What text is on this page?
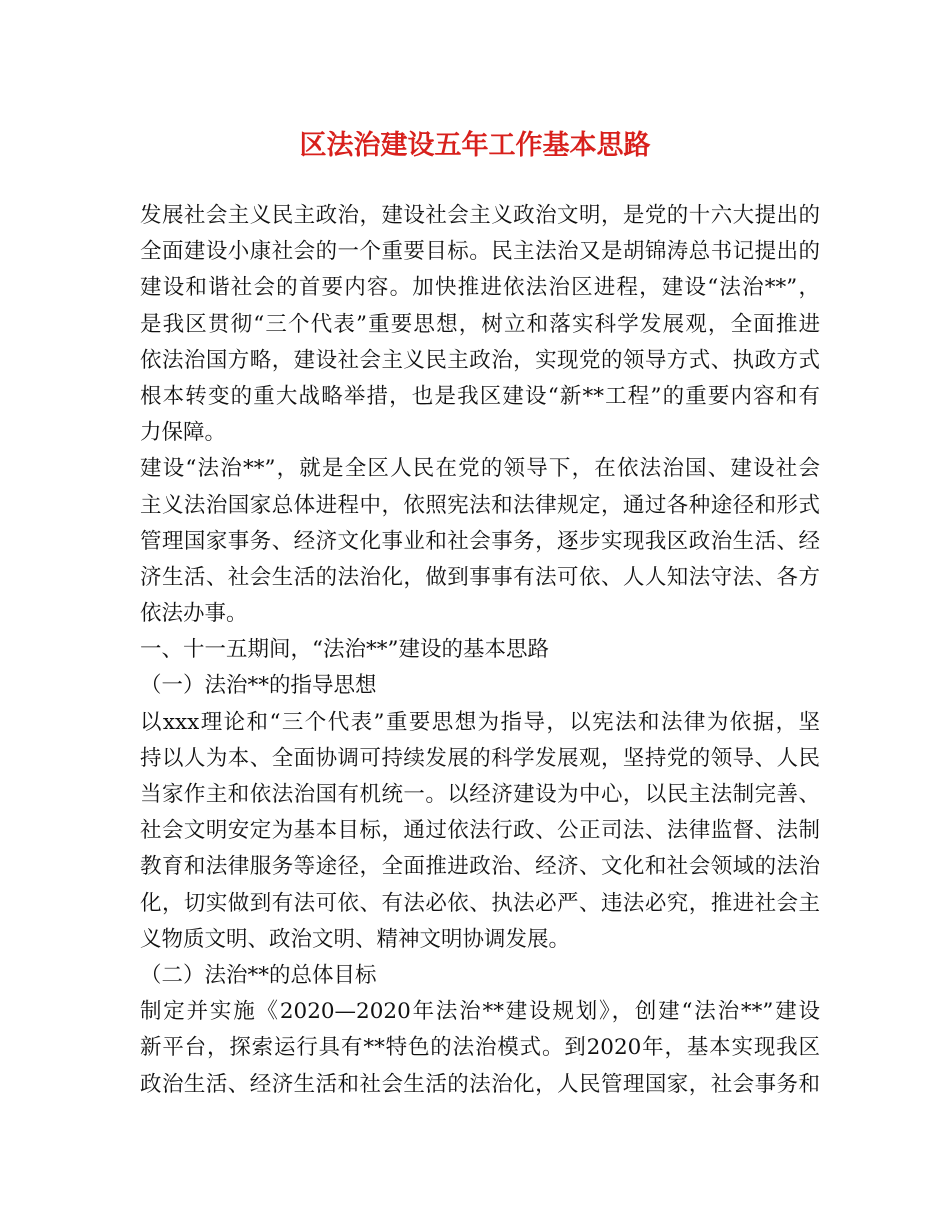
区法治建设五年工作基本思路
发展社会主义民主政治，建设社会主义政治文明，是党的十六大提出的
全面建设小康社会的一个重要目标。民主法治又是胡锦涛总书记提出的
建设和谐社会的首要内容。加快推进依法治区进程，建设“法治**”，
是我区贯彻“三个代表”重要思想，树立和落实科学发展观，全面推进
依法治国方略，建设社会主义民主政治，实现党的领导方式、执政方式
根本转变的重大战略举措，也是我区建设“新**工程”的重要内容和有
力保障。
建设“法治**”，就是全区人民在党的领导下，在依法治国、建设社会
主义法治国家总体进程中，依照宪法和法律规定，通过各种途径和形式
管理国家事务、经济文化事业和社会事务，逐步实现我区政治生活、经
济生活、社会生活的法治化，做到事事有法可依、人人知法守法、各方
依法办事。
一、十一五期间，“法治**”建设的基本思路
（一）法治**的指导思想
以xxx理论和“三个代表”重要思想为指导，以宪法和法律为依据，坚
持以人为本、全面协调可持续发展的科学发展观，坚持党的领导、人民
当家作主和依法治国有机统一。以经济建设为中心，以民主法制完善、
社会文明安定为基本目标，通过依法行政、公正司法、法律监督、法制
教育和法律服务等途径，全面推进政治、经济、文化和社会领域的法治
化，切实做到有法可依、有法必依、执法必严、违法必究，推进社会主
义物质文明、政治文明、精神文明协调发展。
（二）法治**的总体目标
制定并实施《2020—2020年法治**建设规划》，创建“法治**”建设
新平台，探索运行具有**特色的法治模式。到2020年，基本实现我区
政治生活、经济生活和社会生活的法治化，人民管理国家，社会事务和
